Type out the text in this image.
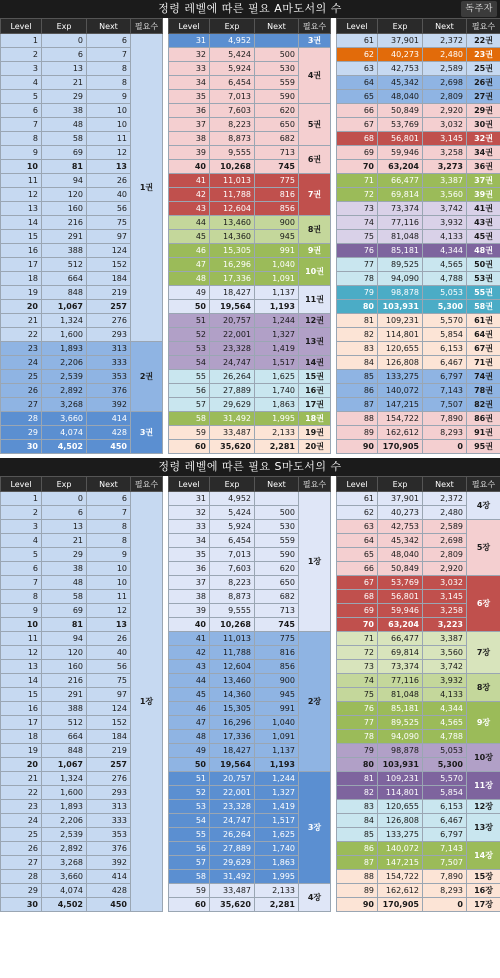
정령 레벨에 따른 필요 A마도서의 수	독주자
Level	Exp	Next	필요수		Level	Exp	Next	필요수		Level	Exp	Next	필요수
1	0	6	1권		31	4,952		3권		61	37,901	2,372	22권
2	6	7			32	5,424	500	4권		62	40,273	2,480	23권
3	13	8			33	5,924	530			63	42,753	2,589	25권
4	21	8			34	6,454	559			64	45,342	2,698	26권
5	29	9			35	7,013	590			65	48,040	2,809	27권
6	38	10			36	7,603	620	5권		66	50,849	2,920	29권
7	48	10			37	8,223	650			67	53,769	3,032	30권
8	58	11			38	8,873	682			68	56,801	3,145	32권
9	69	12			39	9,555	713	6권		69	59,946	3,258	34권
10	81	13			40	10,268	745			70	63,204	3,273	36권
11	94	26			41	11,013	775	7권		71	66,477	3,387	37권
12	120	40			42	11,788	816			72	69,814	3,560	39권
13	160	56			43	12,604	856			73	73,374	3,742	41권
14	216	75			44	13,460	900	8권		74	77,116	3,932	43권
15	291	97			45	14,360	945			75	81,048	4,133	45권
16	388	124			46	15,305	991	9권		76	85,181	4,344	48권
17	512	152			47	16,296	1,040	10권		77	89,525	4,565	50권
18	664	184			48	17,336	1,091			78	94,090	4,788	53권
19	848	219			49	18,427	1,137	11권		79	98,878	5,053	55권
20	1,067	257			50	19,564	1,193			80	103,931	5,300	58권
21	1,324	276			51	20,757	1,244	12권		81	109,231	5,570	61권
22	1,600	293			52	22,001	1,327	13권		82	114,801	5,854	64권
23	1,893	313	2권		53	23,328	1,419			83	120,655	6,153	67권
24	2,206	333			54	24,747	1,517	14권		84	126,808	6,467	71권
25	2,539	353			55	26,264	1,625	15권		85	133,275	6,797	74권
26	2,892	376			56	27,889	1,740	16권		86	140,072	7,143	78권
27	3,268	392			57	29,629	1,863	17권		87	147,215	7,507	82권
28	3,660	414	3권		58	31,492	1,995	18권		88	154,722	7,890	86권
29	4,074	428			59	33,487	2,133	19권		89	162,612	8,293	91권
30	4,502	450			60	35,620	2,281	20권		90	170,905	0	95권
정령 레벨에 따른 필요 S마도서의 수
Level	Exp	Next	필요수		Level	Exp	Next	필요수		Level	Exp	Next	필요수
1	0	6	1장		31	4,952		1장		61	37,901	2,372	4장
2	6	7			32	5,424	500			62	40,273	2,480	
3	13	8			33	5,924	530			63	42,753	2,589	5장
4	21	8			34	6,454	559			64	45,342	2,698	
5	29	9			35	7,013	590			65	48,040	2,809	
6	38	10			36	7,603	620			66	50,849	2,920	
7	48	10			37	8,223	650			67	53,769	3,032	6장
8	58	11			38	8,873	682			68	56,801	3,145	
9	69	12			39	9,555	713			69	59,946	3,258	
10	81	13			40	10,268	745			70	63,204	3,223	
11	94	26			41	11,013	775	2장		71	66,477	3,387	7장
12	120	40			42	11,788	816			72	69,814	3,560	
13	160	56			43	12,604	856			73	73,374	3,742	
14	216	75			44	13,460	900			74	77,116	3,932	8장
15	291	97			45	14,360	945			75	81,048	4,133	
16	388	124			46	15,305	991			76	85,181	4,344	9장
17	512	152			47	16,296	1,040			77	89,525	4,565	
18	664	184			48	17,336	1,091			78	94,090	4,788	
19	848	219			49	18,427	1,137			79	98,878	5,053	10장
20	1,067	257			50	19,564	1,193			80	103,931	5,300	
21	1,324	276			51	20,757	1,244	3장		81	109,231	5,570	11장
22	1,600	293			52	22,001	1,327			82	114,801	5,854	
23	1,893	313			53	23,328	1,419			83	120,655	6,153	12장
24	2,206	333			54	24,747	1,517			84	126,808	6,467	13장
25	2,539	353			55	26,264	1,625			85	133,275	6,797	
26	2,892	376			56	27,889	1,740			86	140,072	7,143	14장
27	3,268	392			57	29,629	1,863			87	147,215	7,507	
28	3,660	414			58	31,492	1,995			88	154,722	7,890	15장
29	4,074	428			59	33,487	2,133	4장		89	162,612	8,293	16장
30	4,502	450			60	35,620	2,281			90	170,905	0	17장
